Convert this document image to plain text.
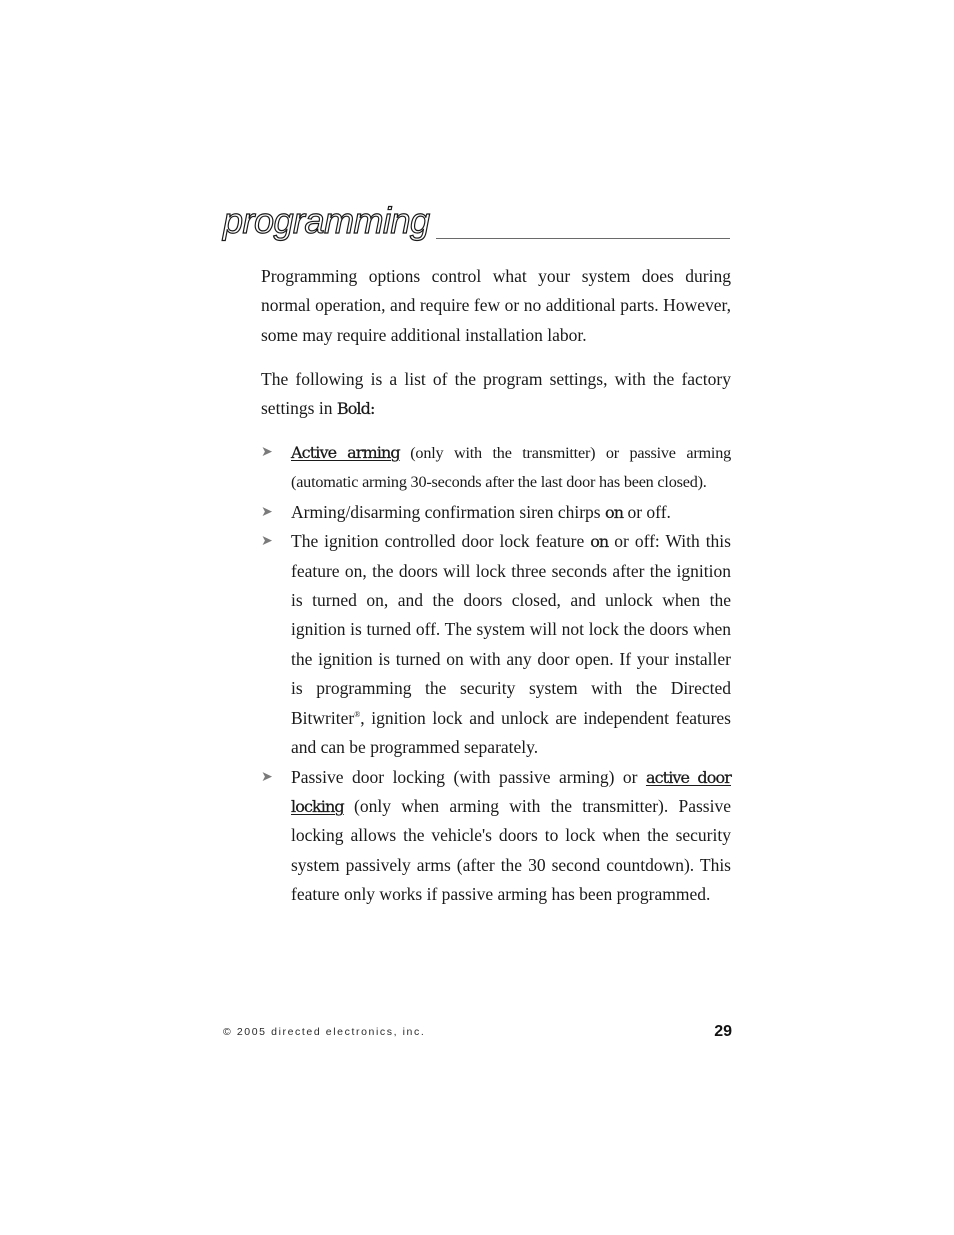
programming

Programming options control what your system does during normal operation, and require few or no additional parts. However, some may require additional installation labor.

The following is a list of the program settings, with the factory settings in Bold:

➤ Active arming (only with the transmitter) or passive arming (automatic arming 30-seconds after the last door has been closed).
➤ Arming/disarming confirmation siren chirps on or off.
➤ The ignition controlled door lock feature on or off: With this feature on, the doors will lock three seconds after the ignition is turned on, and the doors closed, and unlock when the ignition is turned off. The system will not lock the doors when the ignition is turned on with any door open. If your installer is programming the security system with the Directed Bitwriter®, ignition lock and unlock are independent features and can be programmed separately.
➤ Passive door locking (with passive arming) or active door locking (only when arming with the transmitter). Passive locking allows the vehicle's doors to lock when the security system passively arms (after the 30 second countdown). This feature only works if passive arming has been programmed.
© 2005 directed electronics, inc.	29
